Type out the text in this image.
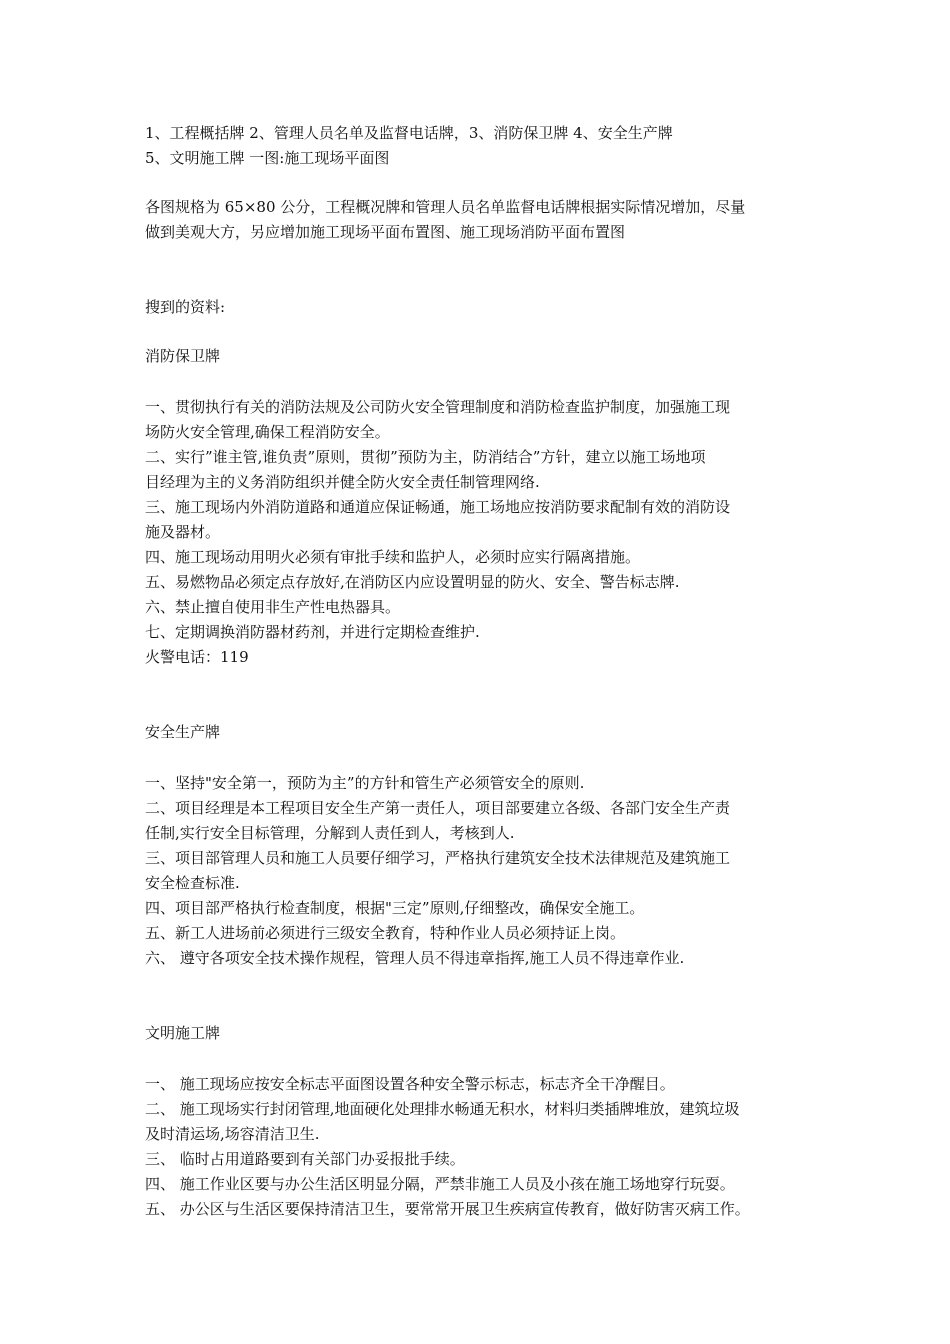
1、工程概括牌 2、管理人员名单及监督电话牌，3、消防保卫牌 4、安全生产牌

5、文明施工牌 一图:施工现场平面图

各图规格为 65×80 公分，工程概况牌和管理人员名单监督电话牌根据实际情况增加，尽量

做到美观大方，另应增加施工现场平面布置图、施工现场消防平面布置图

搜到的资料:

消防保卫牌

一、贯彻执行有关的消防法规及公司防火安全管理制度和消防检查监护制度，加强施工现

场防火安全管理,确保工程消防安全。

二、实行”谁主管,谁负责”原则，贯彻”预防为主，防消结合”方针，建立以施工场地项

目经理为主的义务消防组织并健全防火安全责任制管理网络.

三、施工现场内外消防道路和通道应保证畅通，施工场地应按消防要求配制有效的消防设

施及器材。

四、施工现场动用明火必须有审批手续和监护人，必须时应实行隔离措施。

五、易燃物品必须定点存放好,在消防区内应设置明显的防火、安全、警告标志牌.

六、禁止擅自使用非生产性电热器具。

七、定期调换消防器材药剂，并进行定期检查维护.

火警电话：119

安全生产牌

一、坚持"安全第一，预防为主”的方针和管生产必须管安全的原则.

二、项目经理是本工程项目安全生产第一责任人，项目部要建立各级、各部门安全生产责

任制,实行安全目标管理，分解到人责任到人，考核到人.

三、项目部管理人员和施工人员要仔细学习，严格执行建筑安全技术法律规范及建筑施工

安全检查标准.

四、项目部严格执行检查制度，根据"三定”原则,仔细整改，确保安全施工。

五、新工人进场前必须进行三级安全教育，特种作业人员必须持证上岗。

六、 遵守各项安全技术操作规程，管理人员不得违章指挥,施工人员不得违章作业.

文明施工牌

一、 施工现场应按安全标志平面图设置各种安全警示标志，标志齐全干净醒目。

二、 施工现场实行封闭管理,地面硬化处理排水畅通无积水，材料归类插牌堆放，建筑垃圾

及时清运场,场容清洁卫生.

三、 临时占用道路要到有关部门办妥报批手续。

四、 施工作业区要与办公生活区明显分隔，严禁非施工人员及小孩在施工场地穿行玩耍。

五、 办公区与生活区要保持清洁卫生，要常常开展卫生疾病宣传教育，做好防害灭病工作。
